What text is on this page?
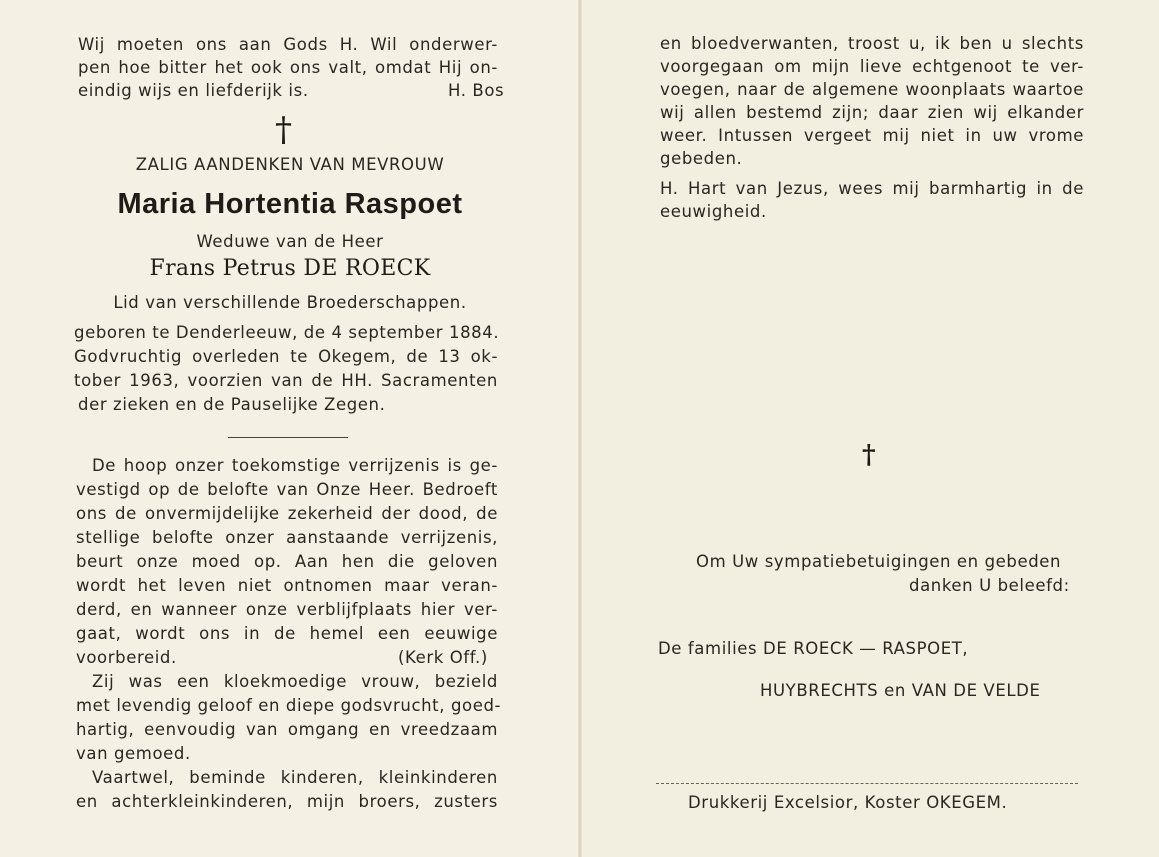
Wij moeten ons aan Gods H. Wil onderwer-

pen hoe bitter het ook ons valt, omdat Hij on-

eindig wijs en liefderijk is.	H. Bos

†

ZALIG AANDENKEN VAN MEVROUW

Maria Hortentia Raspoet

Weduwe van de Heer

Frans Petrus DE ROECK

Lid van verschillende Broederschappen.

geboren te Denderleeuw, de 4 september 1884.

Godvruchtig overleden te Okegem, de 13 ok-

tober 1963, voorzien van de HH. Sacramenten

der zieken en de Pauselijke Zegen.

De hoop onzer toekomstige verrijzenis is ge-

vestigd op de belofte van Onze Heer. Bedroeft

ons de onvermijdelijke zekerheid der dood, de

stellige belofte onzer aanstaande verrijzenis,

beurt onze moed op. Aan hen die geloven

wordt het leven niet ontnomen maar veran-

derd, en wanneer onze verblijfplaats hier ver-

gaat, wordt ons in de hemel een eeuwige

voorbereid.	(Kerk Off.)

Zij was een kloekmoedige vrouw, bezield

met levendig geloof en diepe godsvrucht, goed-

hartig, eenvoudig van omgang en vreedzaam

van gemoed.

Vaartwel, beminde kinderen, kleinkinderen

en achterkleinkinderen, mijn broers, zusters

en bloedverwanten, troost u, ik ben u slechts

voorgegaan om mijn lieve echtgenoot te ver-

voegen, naar de algemene woonplaats waartoe

wij allen bestemd zijn; daar zien wij elkander

weer. Intussen vergeet mij niet in uw vrome

gebeden.

H. Hart van Jezus, wees mij barmhartig in de

eeuwigheid.

†

Om Uw sympatiebetuigingen en gebeden

danken U beleefd:

De families DE ROECK — RASPOET,

HUYBRECHTS en VAN DE VELDE

Drukkerij Excelsior, Koster OKEGEM.
